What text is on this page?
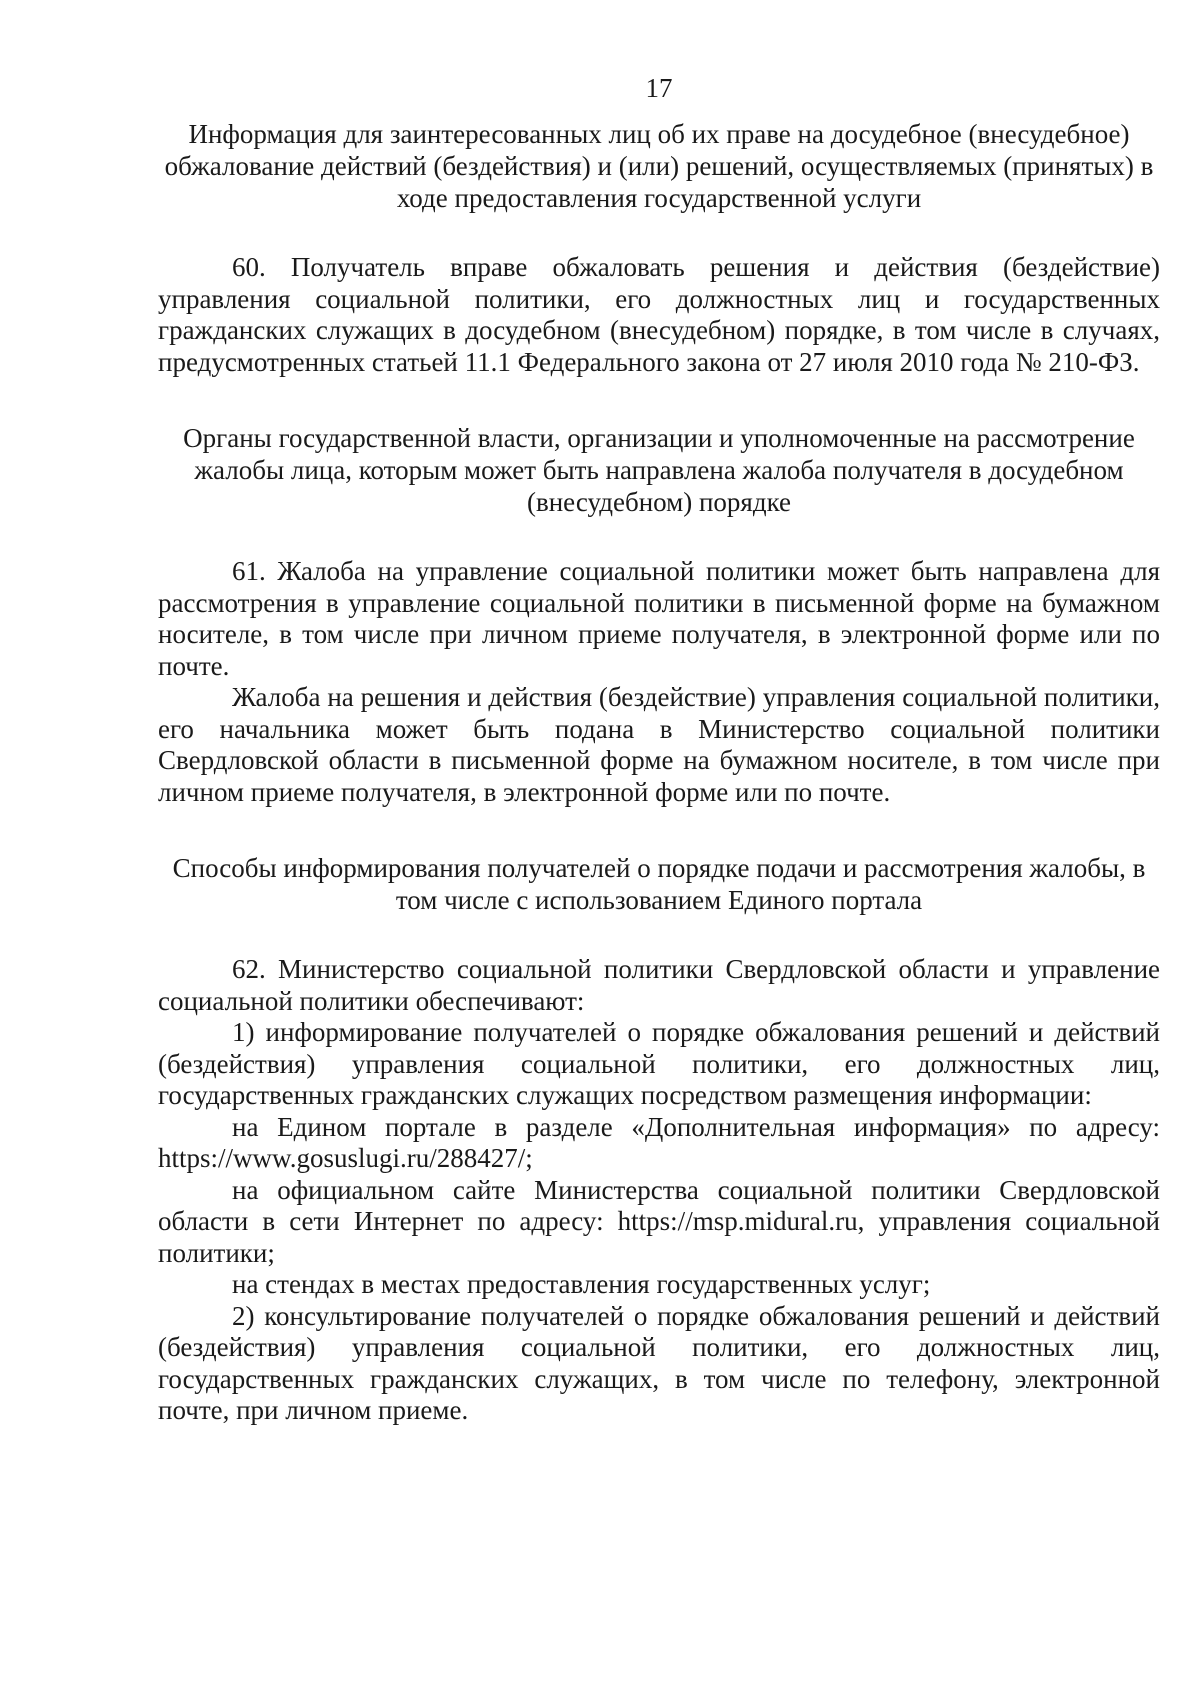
17

Информация для заинтересованных лиц об их праве на досудебное (внесудебное) обжалование действий (бездействия) и (или) решений, осуществляемых (принятых) в ходе предоставления государственной услуги

60. Получатель вправе обжаловать решения и действия (бездействие) управления социальной политики, его должностных лиц и государственных гражданских служащих в досудебном (внесудебном) порядке, в том числе в случаях, предусмотренных статьей 11.1 Федерального закона от 27 июля 2010 года № 210-ФЗ.

Органы государственной власти, организации и уполномоченные на рассмотрение жалобы лица, которым может быть направлена жалоба получателя в досудебном (внесудебном) порядке

61. Жалоба на управление социальной политики может быть направлена для рассмотрения в управление социальной политики в письменной форме на бумажном носителе, в том числе при личном приеме получателя, в электронной форме или по почте.

Жалоба на решения и действия (бездействие) управления социальной политики, его начальника может быть подана в Министерство социальной политики Свердловской области в письменной форме на бумажном носителе, в том числе при личном приеме получателя, в электронной форме или по почте.

Способы информирования получателей о порядке подачи и рассмотрения жалобы, в том числе с использованием Единого портала

62. Министерство социальной политики Свердловской области и управление социальной политики обеспечивают:

1) информирование получателей о порядке обжалования решений и действий (бездействия) управления социальной политики, его должностных лиц, государственных гражданских служащих посредством размещения информации:

на Едином портале в разделе «Дополнительная информация» по адресу: https://www.gosuslugi.ru/288427/;

на официальном сайте Министерства социальной политики Свердловской области в сети Интернет по адресу: https://msp.midural.ru, управления социальной политики;

на стендах в местах предоставления государственных услуг;

2) консультирование получателей о порядке обжалования решений и действий (бездействия) управления социальной политики, его должностных лиц, государственных гражданских служащих, в том числе по телефону, электронной почте, при личном приеме.
